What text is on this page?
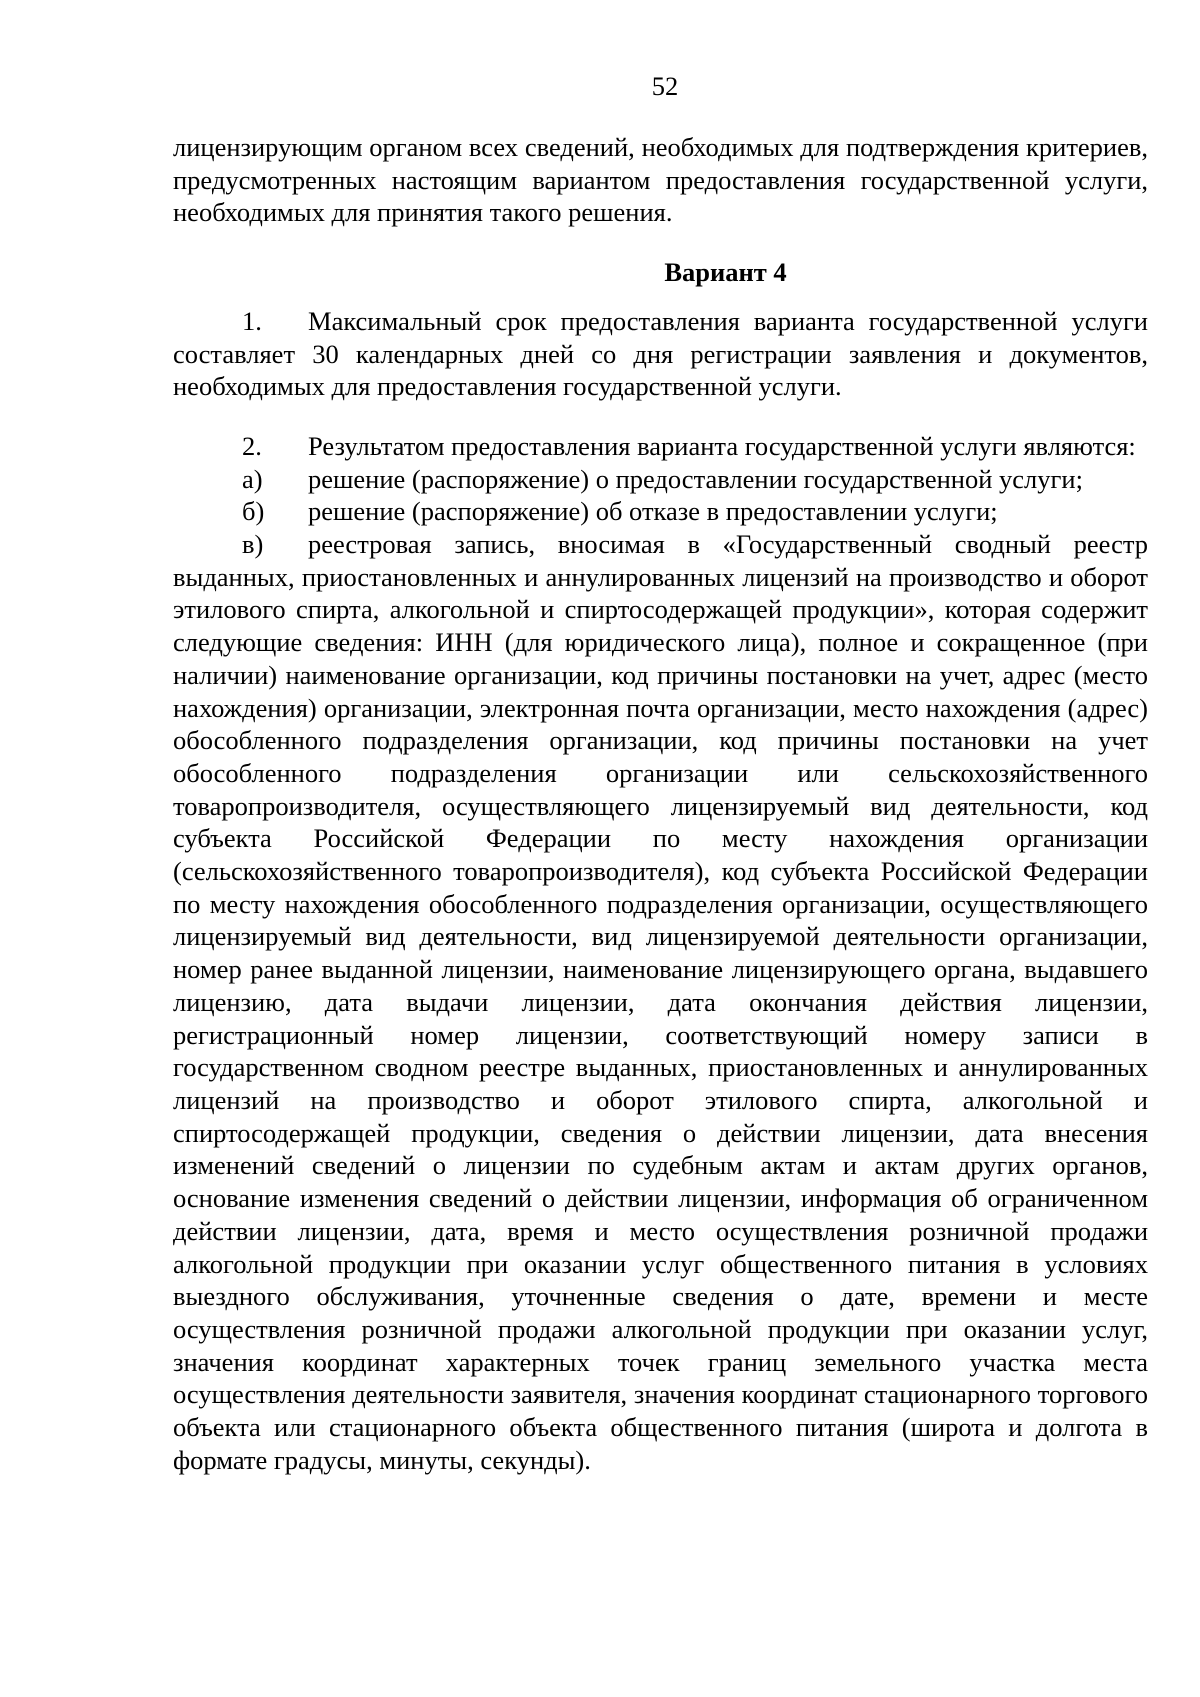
52

лицензирующим органом всех сведений, необходимых для подтверждения критериев, предусмотренных настоящим вариантом предоставления государственной услуги, необходимых для принятия такого решения.

Вариант 4

1. Максимальный срок предоставления варианта государственной услуги составляет 30 календарных дней со дня регистрации заявления и документов, необходимых для предоставления государственной услуги.

2. Результатом предоставления варианта государственной услуги являются:

а) решение (распоряжение) о предоставлении государственной услуги;

б) решение (распоряжение) об отказе в предоставлении услуги;

в) реестровая запись, вносимая в «Государственный сводный реестр выданных, приостановленных и аннулированных лицензий на производство и оборот этилового спирта, алкогольной и спиртосодержащей продукции», которая содержит следующие сведения: ИНН (для юридического лица), полное и сокращенное (при наличии) наименование организации, код причины постановки на учет, адрес (место нахождения) организации, электронная почта организации, место нахождения (адрес) обособленного подразделения организации, код причины постановки на учет обособленного подразделения организации или сельскохозяйственного товаропроизводителя, осуществляющего лицензируемый вид деятельности, код субъекта Российской Федерации по месту нахождения организации (сельскохозяйственного товаропроизводителя), код субъекта Российской Федерации по месту нахождения обособленного подразделения организации, осуществляющего лицензируемый вид деятельности, вид лицензируемой деятельности организации, номер ранее выданной лицензии, наименование лицензирующего органа, выдавшего лицензию, дата выдачи лицензии, дата окончания действия лицензии, регистрационный номер лицензии, соответствующий номеру записи в государственном сводном реестре выданных, приостановленных и аннулированных лицензий на производство и оборот этилового спирта, алкогольной и спиртосодержащей продукции, сведения о действии лицензии, дата внесения изменений сведений о лицензии по судебным актам и актам других органов, основание изменения сведений о действии лицензии, информация об ограниченном действии лицензии, дата, время и место осуществления розничной продажи алкогольной продукции при оказании услуг общественного питания в условиях выездного обслуживания, уточненные сведения о дате, времени и месте осуществления розничной продажи алкогольной продукции при оказании услуг, значения координат характерных точек границ земельного участка места осуществления деятельности заявителя, значения координат стационарного торгового объекта или стационарного объекта общественного питания (широта и долгота в формате градусы, минуты, секунды).
